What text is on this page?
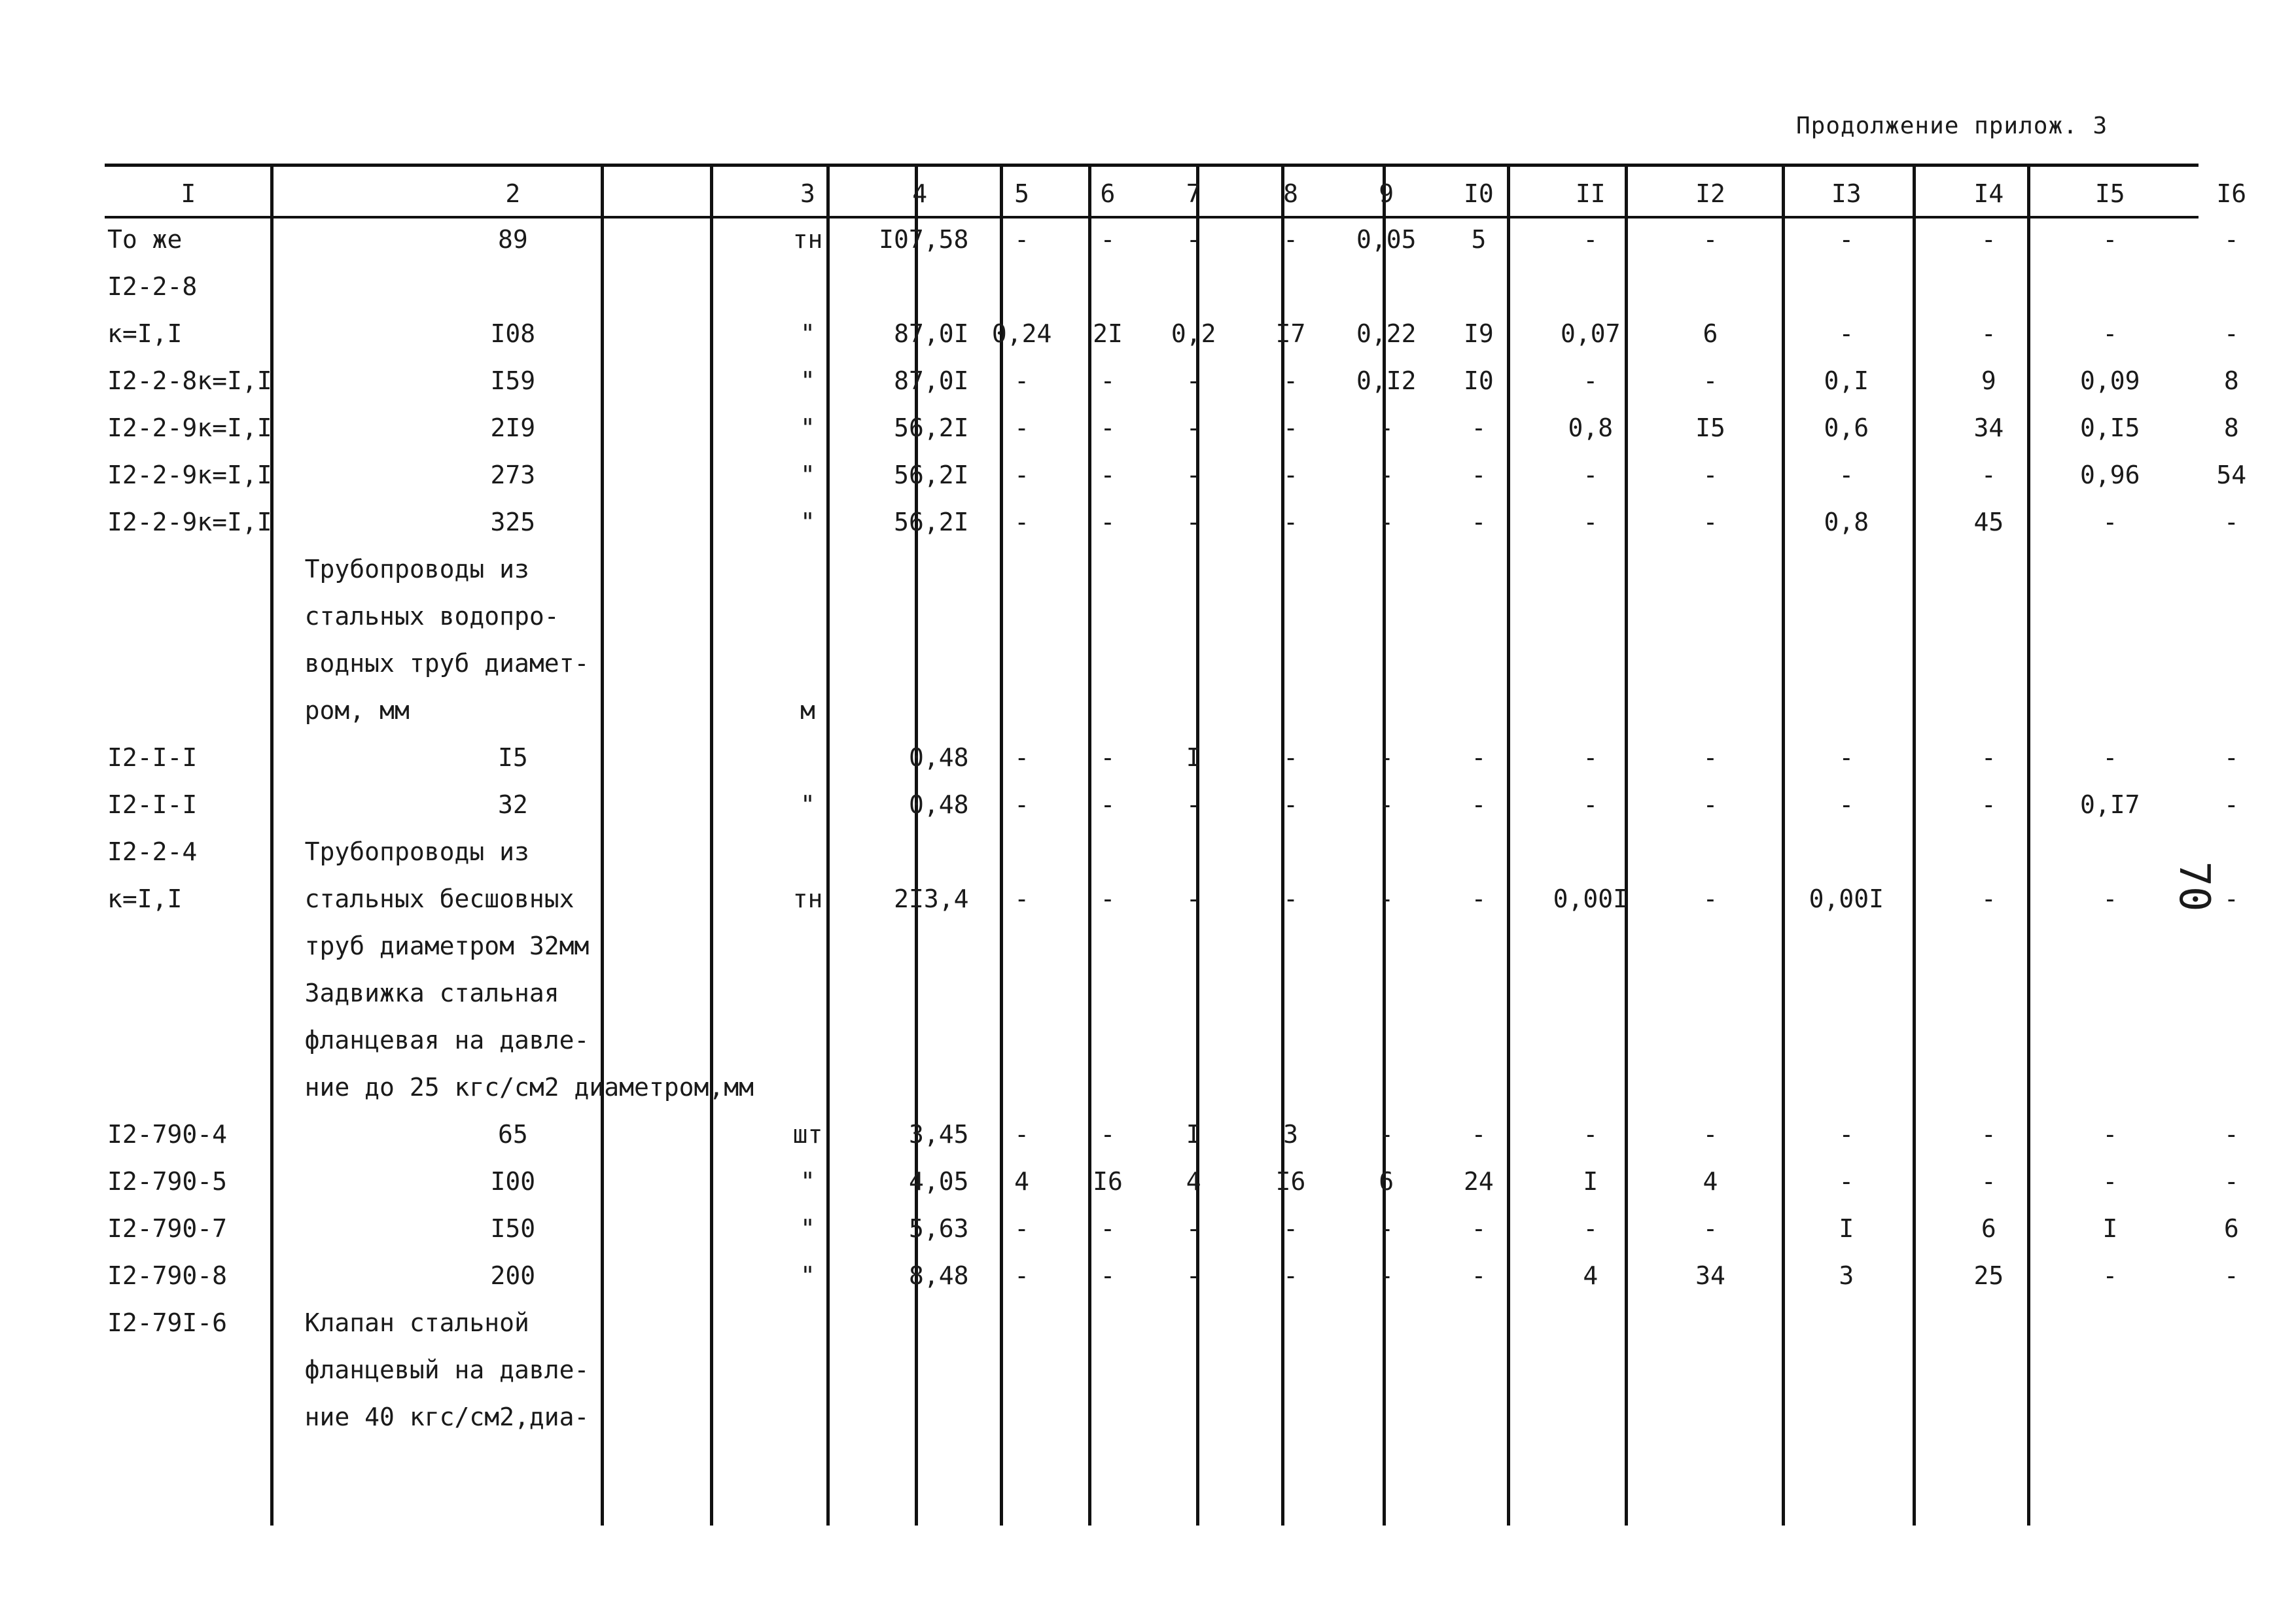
Продолжение прилож. 3
I	2	3	4	5	6	7	8	9	I0	II	I2	I3	I4	I5	I6
То же	89	тн	I07,58	-	-	-	-	0,05	5	-	-	-	-	-	-
I2-2-8															
к=I,I	I08	"	87,0I	0,24	2I	0,2	I7	0,22	I9	0,07	6	-	-	-	-
I2-2-8к=I,I	I59	"	87,0I	-	-	-	-	0,I2	I0	-	-	0,I	9	0,09	8
I2-2-9к=I,I	2I9	"	56,2I	-	-	-	-	-	-	0,8	I5	0,6	34	0,I5	8
I2-2-9к=I,I	273	"	56,2I	-	-	-	-	-	-	-	-	-	-	0,96	54
I2-2-9к=I,I	325	"	56,2I	-	-	-	-	-	-	-	-	0,8	45	-	-
	Трубопроводы из														
	стальных водопро-														
	водных труб диамет-														
	ром, мм	м													
I2-I-I	I5		0,48	-	-	I	-	-	-	-	-	-	-	-	-
I2-I-I	32	"	0,48	-	-	-	-	-	-	-	-	-	-	0,I7	-
I2-2-4	Трубопроводы из														
к=I,I	стальных бесшовных	тн	2I3,4	-	-	-	-	-	-	0,00I	-	0,00I	-	-	-
	труб диаметром 32мм														
	Задвижка стальная														
	фланцевая на давле-														
	ние до 25 кгс/см2 диаметром,мм														
I2-790-4	65	шт	3,45	-	-	I	3	-	-	-	-	-	-	-	-
I2-790-5	I00	"	4,05	4	I6	4	I6	6	24	I	4	-	-	-	-
I2-790-7	I50	"	5,63	-	-	-	-	-	-	-	-	I	6	I	6
I2-790-8	200	"	8,48	-	-	-	-	-	-	4	34	3	25	-	-
I2-79I-6	Клапан стальной														
	фланцевый на давле-														
	ние 40 кгс/см2,диа-														
70
